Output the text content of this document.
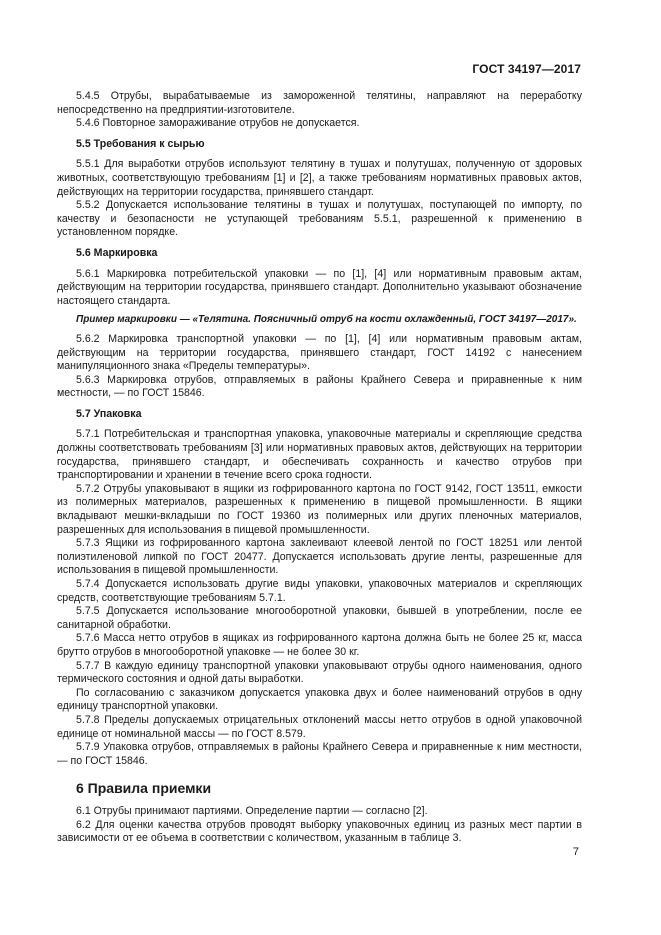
ГОСТ 34197—2017

5.4.5 Отрубы, вырабатываемые из замороженной телятины, направляют на переработку непосредственно на предприятии-изготовителе.

5.4.6 Повторное замораживание отрубов не допускается.

5.5 Требования к сырью

5.5.1 Для выработки отрубов используют телятину в тушах и полутушах, полученную от здоровых животных, соответствующую требованиям [1] и [2], а также требованиям нормативных правовых актов, действующих на территории государства, принявшего стандарт.

5.5.2 Допускается использование телятины в тушах и полутушах, поступающей по импорту, по качеству и безопасности не уступающей требованиям 5.5.1, разрешенной к применению в установленном порядке.

5.6 Маркировка

5.6.1 Маркировка потребительской упаковки — по [1], [4] или нормативным правовым актам, действующим на территории государства, принявшего стандарт. Дополнительно указывают обозначение настоящего стандарта.

Пример маркировки — «Телятина. Поясничный отруб на кости охлажденный, ГОСТ 34197—2017».

5.6.2 Маркировка транспортной упаковки — по [1], [4] или нормативным правовым актам, действующим на территории государства, принявшего стандарт, ГОСТ 14192 с нанесением манипуляционного знака «Пределы температуры».

5.6.3 Маркировка отрубов, отправляемых в районы Крайнего Севера и приравненные к ним местности, — по ГОСТ 15846.

5.7 Упаковка

5.7.1 Потребительская и транспортная упаковка, упаковочные материалы и скрепляющие средства должны соответствовать требованиям [3] или нормативных правовых актов, действующих на территории государства, принявшего стандарт, и обеспечивать сохранность и качество отрубов при транспортировании и хранении в течение всего срока годности.

5.7.2 Отрубы упаковывают в ящики из гофрированного картона по ГОСТ 9142, ГОСТ 13511, емкости из полимерных материалов, разрешенных к применению в пищевой промышленности. В ящики вкладывают мешки-вкладыши по ГОСТ 19360 из полимерных или других пленочных материалов, разрешенных для использования в пищевой промышленности.

5.7.3 Ящики из гофрированного картона заклеивают клеевой лентой по ГОСТ 18251 или лентой полиэтиленовой липкой по ГОСТ 20477. Допускается использовать другие ленты, разрешенные для использования в пищевой промышленности.

5.7.4 Допускается использовать другие виды упаковки, упаковочных материалов и скрепляющих средств, соответствующие требованиям 5.7.1.

5.7.5 Допускается использование многооборотной упаковки, бывшей в употреблении, после ее санитарной обработки.

5.7.6 Масса нетто отрубов в ящиках из гофрированного картона должна быть не более 25 кг, масса брутто отрубов в многооборотной упаковке — не более 30 кг.

5.7.7 В каждую единицу транспортной упаковки упаковывают отрубы одного наименования, одного термического состояния и одной даты выработки.

По согласованию с заказчиком допускается упаковка двух и более наименований отрубов в одну единицу транспортной упаковки.

5.7.8 Пределы допускаемых отрицательных отклонений массы нетто отрубов в одной упаковочной единице от номинальной массы — по ГОСТ 8.579.

5.7.9 Упаковка отрубов, отправляемых в районы Крайнего Севера и приравненные к ним местности, — по ГОСТ 15846.

6 Правила приемки

6.1 Отрубы принимают партиями. Определение партии — согласно [2].

6.2 Для оценки качества отрубов проводят выборку упаковочных единиц из разных мест партии в зависимости от ее объема в соответствии с количеством, указанным в таблице 3.

7
